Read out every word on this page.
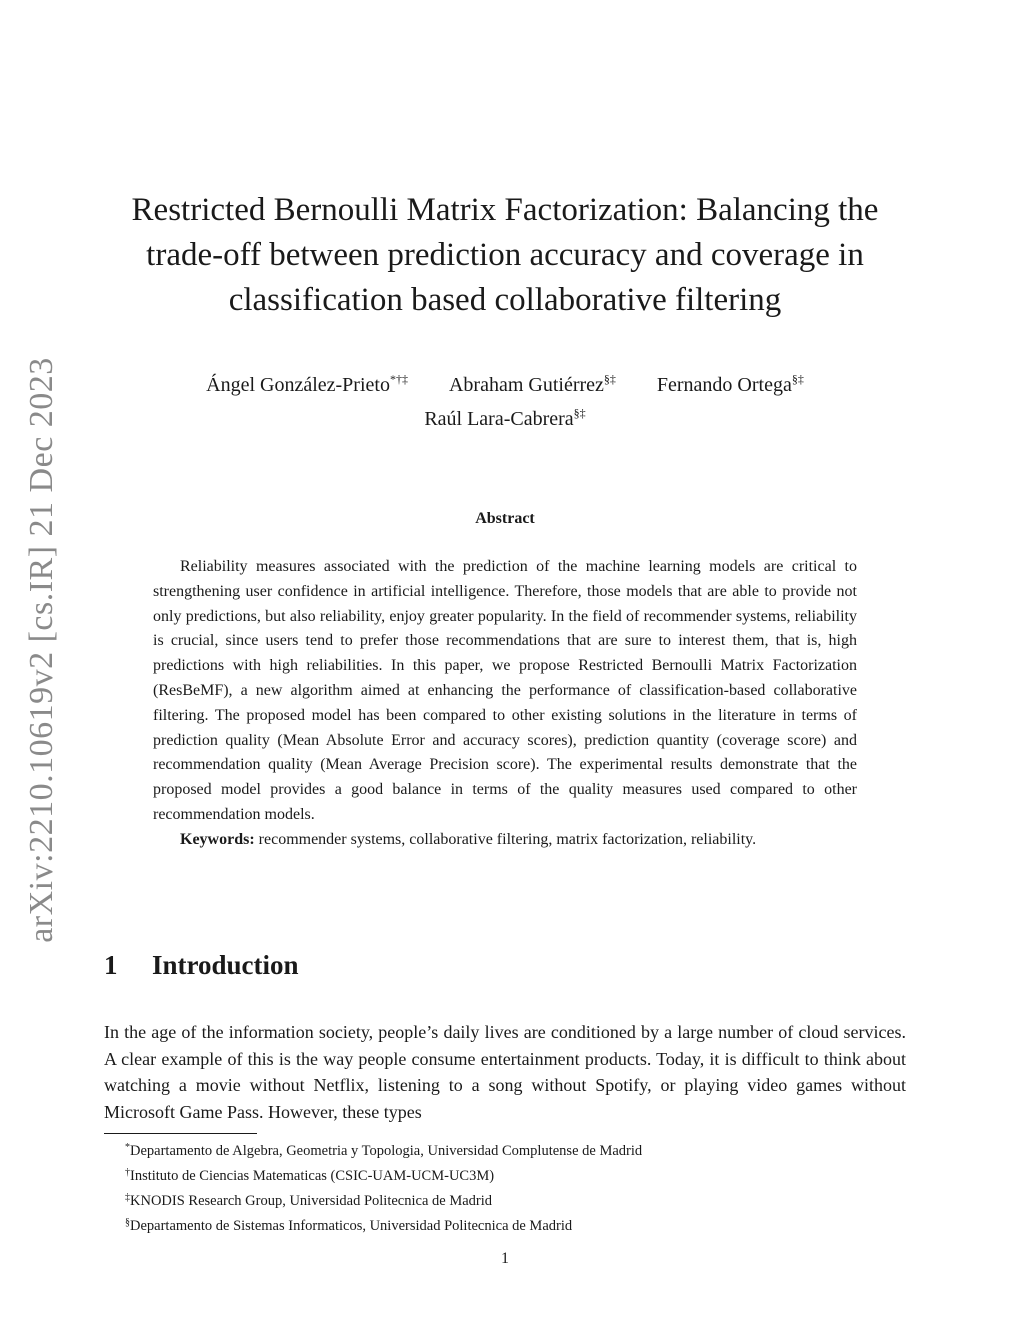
arXiv:2210.10619v2 [cs.IR] 21 Dec 2023
Restricted Bernoulli Matrix Factorization: Balancing the trade-off between prediction accuracy and coverage in classification based collaborative filtering
Ángel González-Prieto*†‡ Abraham Gutiérrez§‡ Fernando Ortega§‡
Raúl Lara-Cabrera§‡
Abstract

Reliability measures associated with the prediction of the machine learning models are critical to strengthening user confidence in artificial intelligence. Therefore, those models that are able to provide not only predictions, but also reliability, enjoy greater popularity. In the field of recommender systems, reliability is crucial, since users tend to prefer those recommendations that are sure to interest them, that is, high predictions with high reliabilities. In this paper, we propose Restricted Bernoulli Matrix Factorization (ResBeMF), a new algorithm aimed at enhancing the performance of classification-based collaborative filtering. The proposed model has been compared to other existing solutions in the literature in terms of prediction quality (Mean Absolute Error and accuracy scores), prediction quantity (coverage score) and recommendation quality (Mean Average Precision score). The experimental results demonstrate that the proposed model provides a good balance in terms of the quality measures used compared to other recommendation models.

Keywords: recommender systems, collaborative filtering, matrix factorization, reliability.

1 Introduction

In the age of the information society, people’s daily lives are conditioned by a large number of cloud services. A clear example of this is the way people consume entertainment products. Today, it is difficult to think about watching a movie without Netflix, listening to a song without Spotify, or playing video games without Microsoft Game Pass. However, these types

*Departamento de Algebra, Geometria y Topologia, Universidad Complutense de Madrid
†Instituto de Ciencias Matematicas (CSIC-UAM-UCM-UC3M)
‡KNODIS Research Group, Universidad Politecnica de Madrid
§Departamento de Sistemas Informaticos, Universidad Politecnica de Madrid
1
